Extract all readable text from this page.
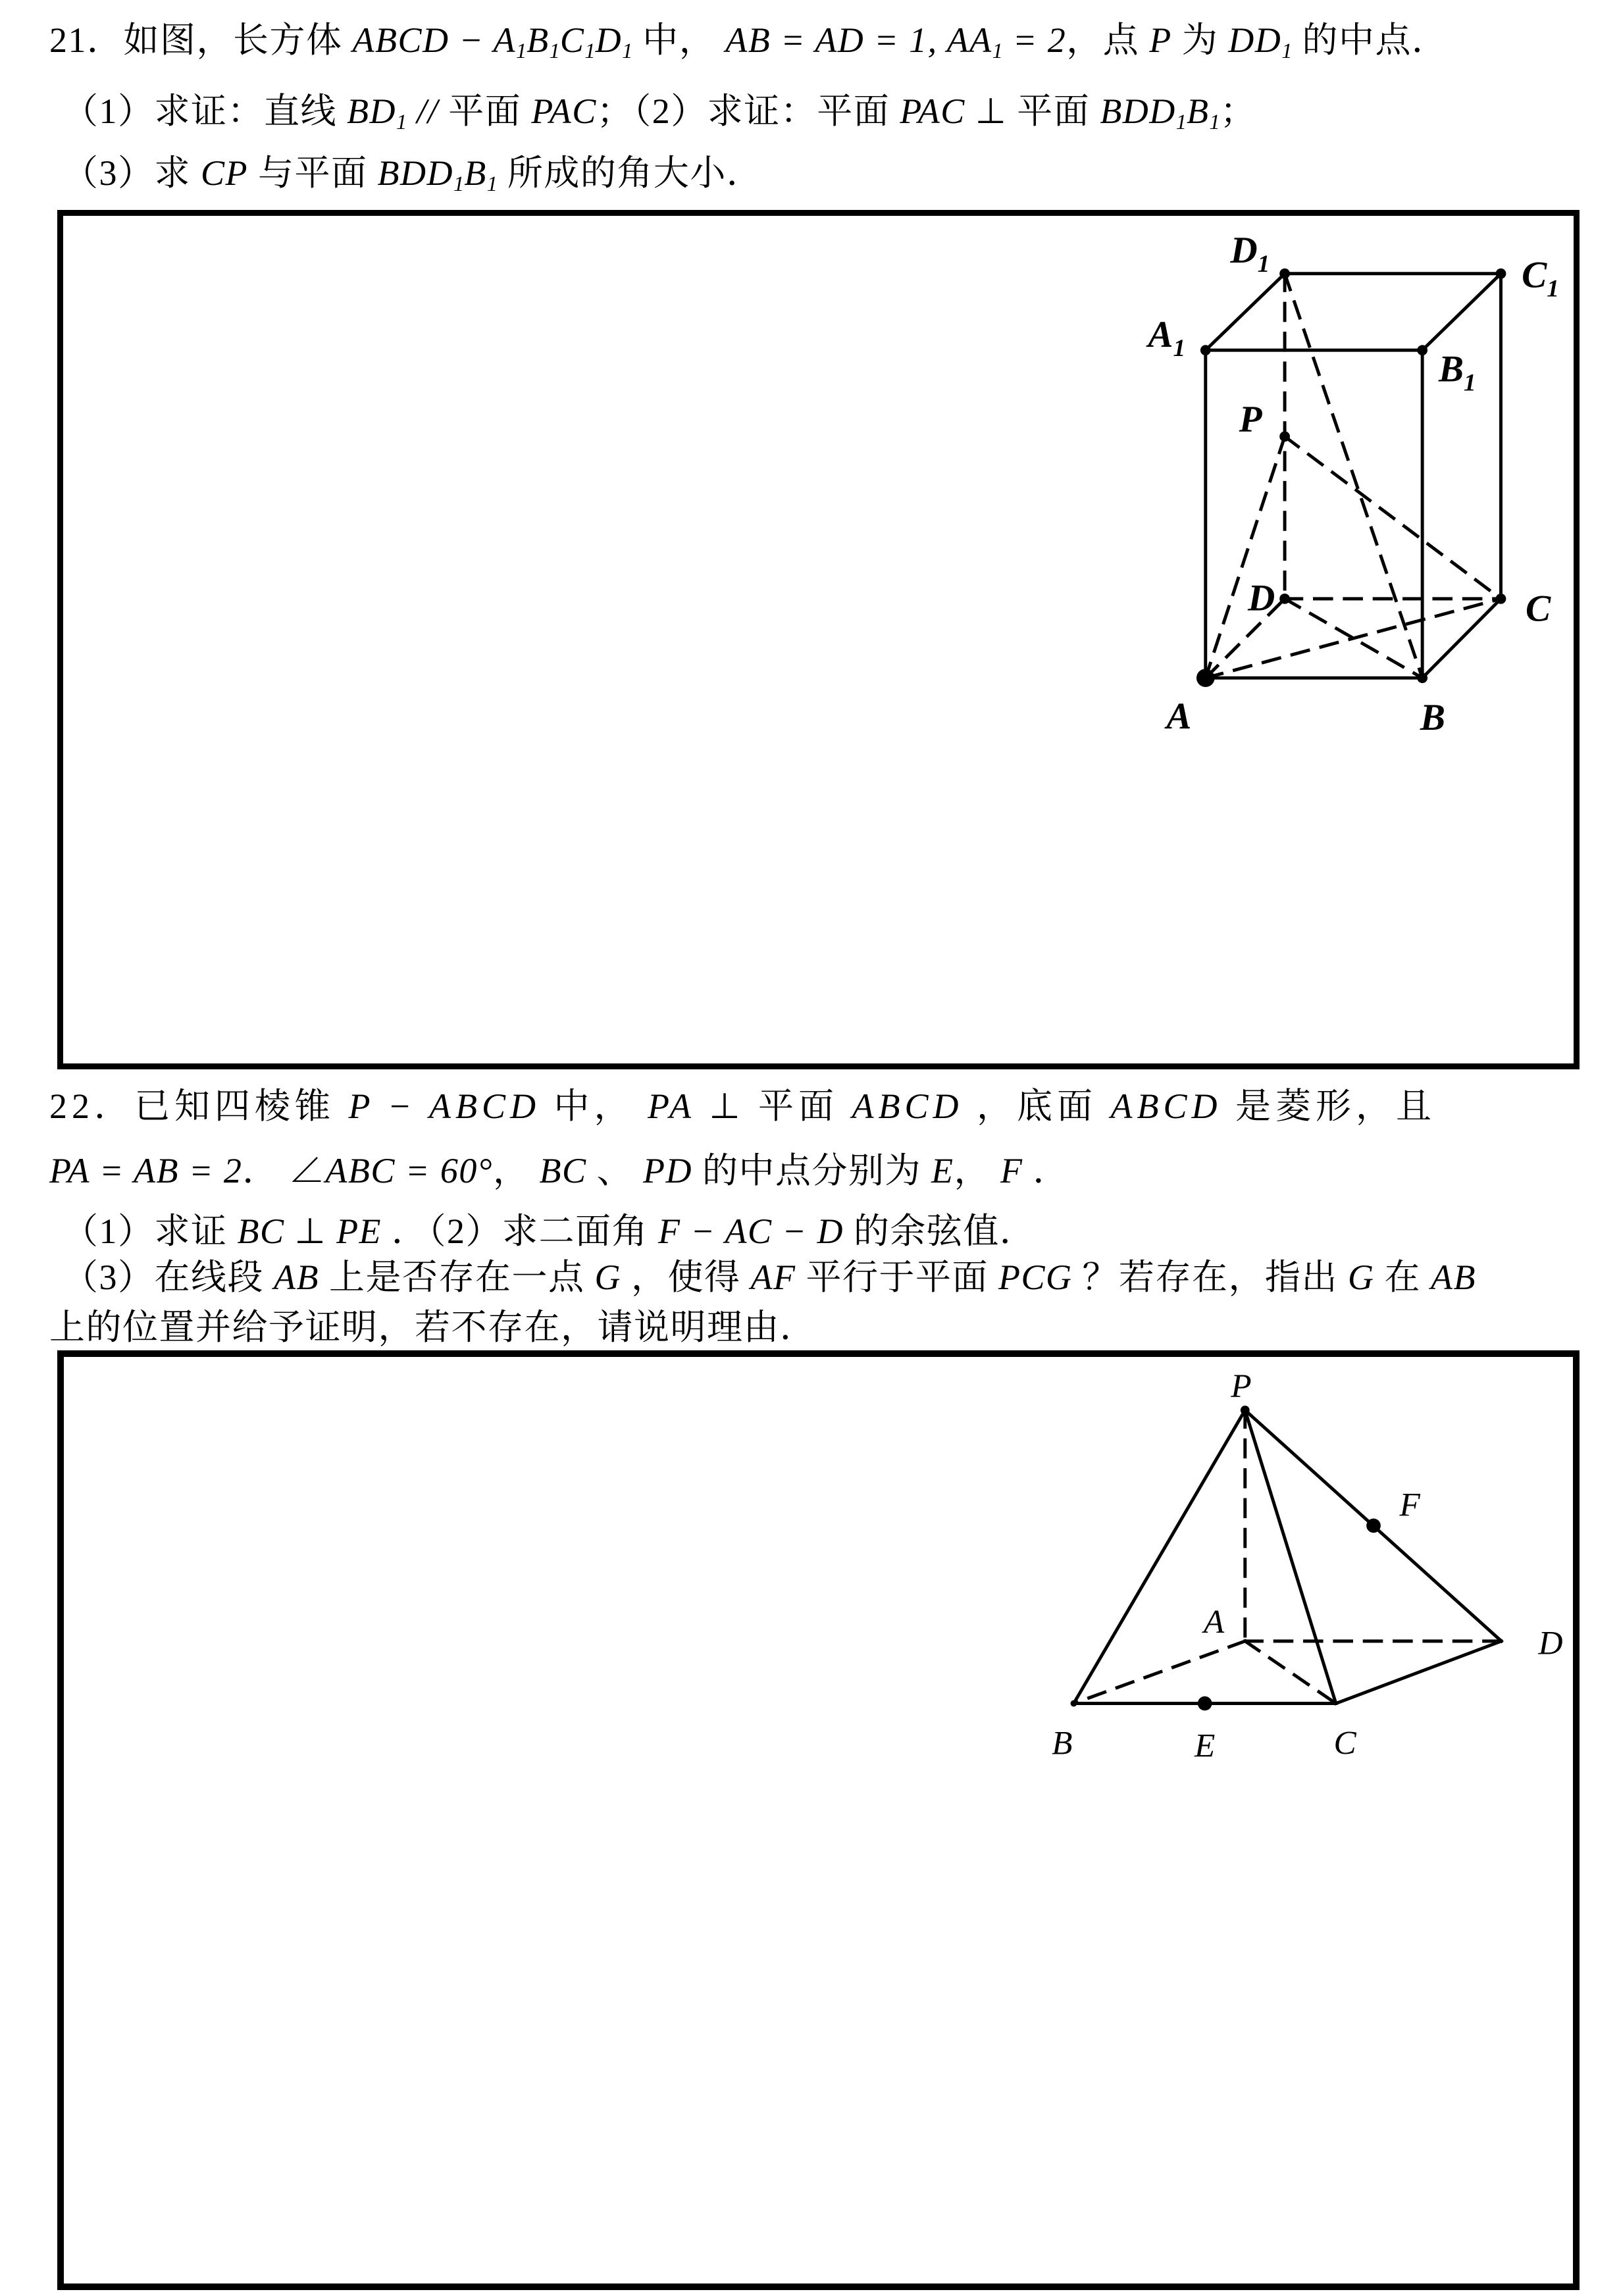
21．如图，长方体 ABCD − A1B1C1D1 中， AB = AD = 1, AA1 = 2，点 P 为 DD1 的中点．
（1）求证：直线 BD1 // 平面 PAC；（2）求证：平面 PAC ⊥ 平面 BDD1B1；
（3）求 CP 与平面 BDD1B1 所成的角大小．
$D_1$	$C_1$
$A_1$	$B_1$
P
D	C
A	B
22．已知四棱锥 P − ABCD 中， PA ⊥ 平面 ABCD ，底面 ABCD 是菱形，且
PA = AB = 2． ∠ABC = 60°， BC 、 PD 的中点分别为 E， F ．
（1）求证 BC ⊥ PE ．（2）求二面角 F − AC − D 的余弦值．
（3）在线段 AB 上是否存在一点 G ，使得 AF 平行于平面 PCG ？若存在，指出 G 在 AB
上的位置并给予证明，若不存在，请说明理由．
P
F
A
D
B	E	C
